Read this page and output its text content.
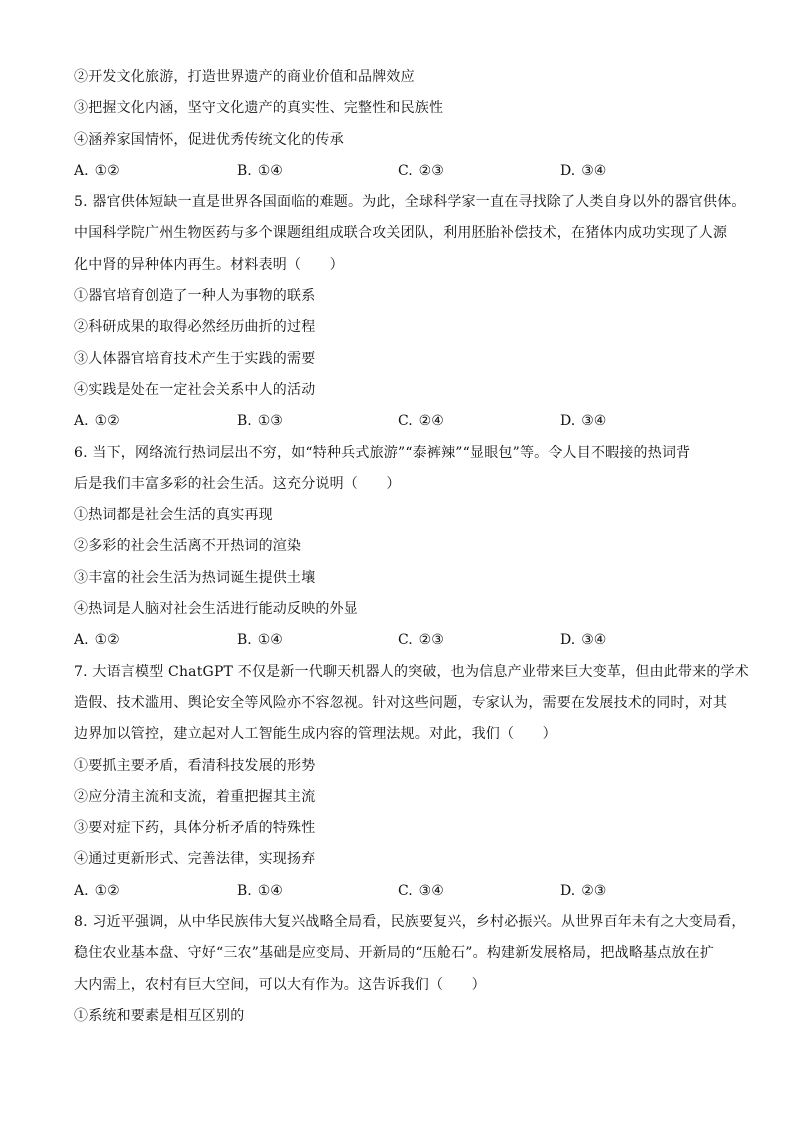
②开发文化旅游，打造世界遗产的商业价值和品牌效应
③把握文化内涵，坚守文化遗产的真实性、完整性和民族性
④涵养家国情怀，促进优秀传统文化的传承
A. ①②	B. ①④	C. ②③	D. ③④
5. 器官供体短缺一直是世界各国面临的难题。为此，全球科学家一直在寻找除了人类自身以外的器官供体。
中国科学院广州生物医药与多个课题组组成联合攻关团队，利用胚胎补偿技术，在猪体内成功实现了人源
化中肾的异种体内再生。材料表明（　　）
①器官培育创造了一种人为事物的联系
②科研成果的取得必然经历曲折的过程
③人体器官培育技术产生于实践的需要
④实践是处在一定社会关系中人的活动
A. ①②	B. ①③	C. ②④	D. ③④
6. 当下，网络流行热词层出不穷，如“特种兵式旅游”“泰裤辣”“显眼包”等。令人目不暇接的热词背
后是我们丰富多彩的社会生活。这充分说明（　　）
①热词都是社会生活的真实再现
②多彩的社会生活离不开热词的渲染
③丰富的社会生活为热词诞生提供土壤
④热词是人脑对社会生活进行能动反映的外显
A. ①②	B. ①④	C. ②③	D. ③④
7. 大语言模型 ChatGPT 不仅是新一代聊天机器人的突破，也为信息产业带来巨大变革，但由此带来的学术
造假、技术滥用、舆论安全等风险亦不容忽视。针对这些问题，专家认为，需要在发展技术的同时，对其
边界加以管控，建立起对人工智能生成内容的管理法规。对此，我们（　　）
①要抓主要矛盾，看清科技发展的形势
②应分清主流和支流，着重把握其主流
③要对症下药，具体分析矛盾的特殊性
④通过更新形式、完善法律，实现扬弃
A. ①②	B. ①④	C. ③④	D. ②③
8. 习近平强调，从中华民族伟大复兴战略全局看，民族要复兴，乡村必振兴。从世界百年未有之大变局看，
稳住农业基本盘、守好“三农”基础是应变局、开新局的“压舱石”。构建新发展格局，把战略基点放在扩
大内需上，农村有巨大空间，可以大有作为。这告诉我们（　　）
①系统和要素是相互区别的
